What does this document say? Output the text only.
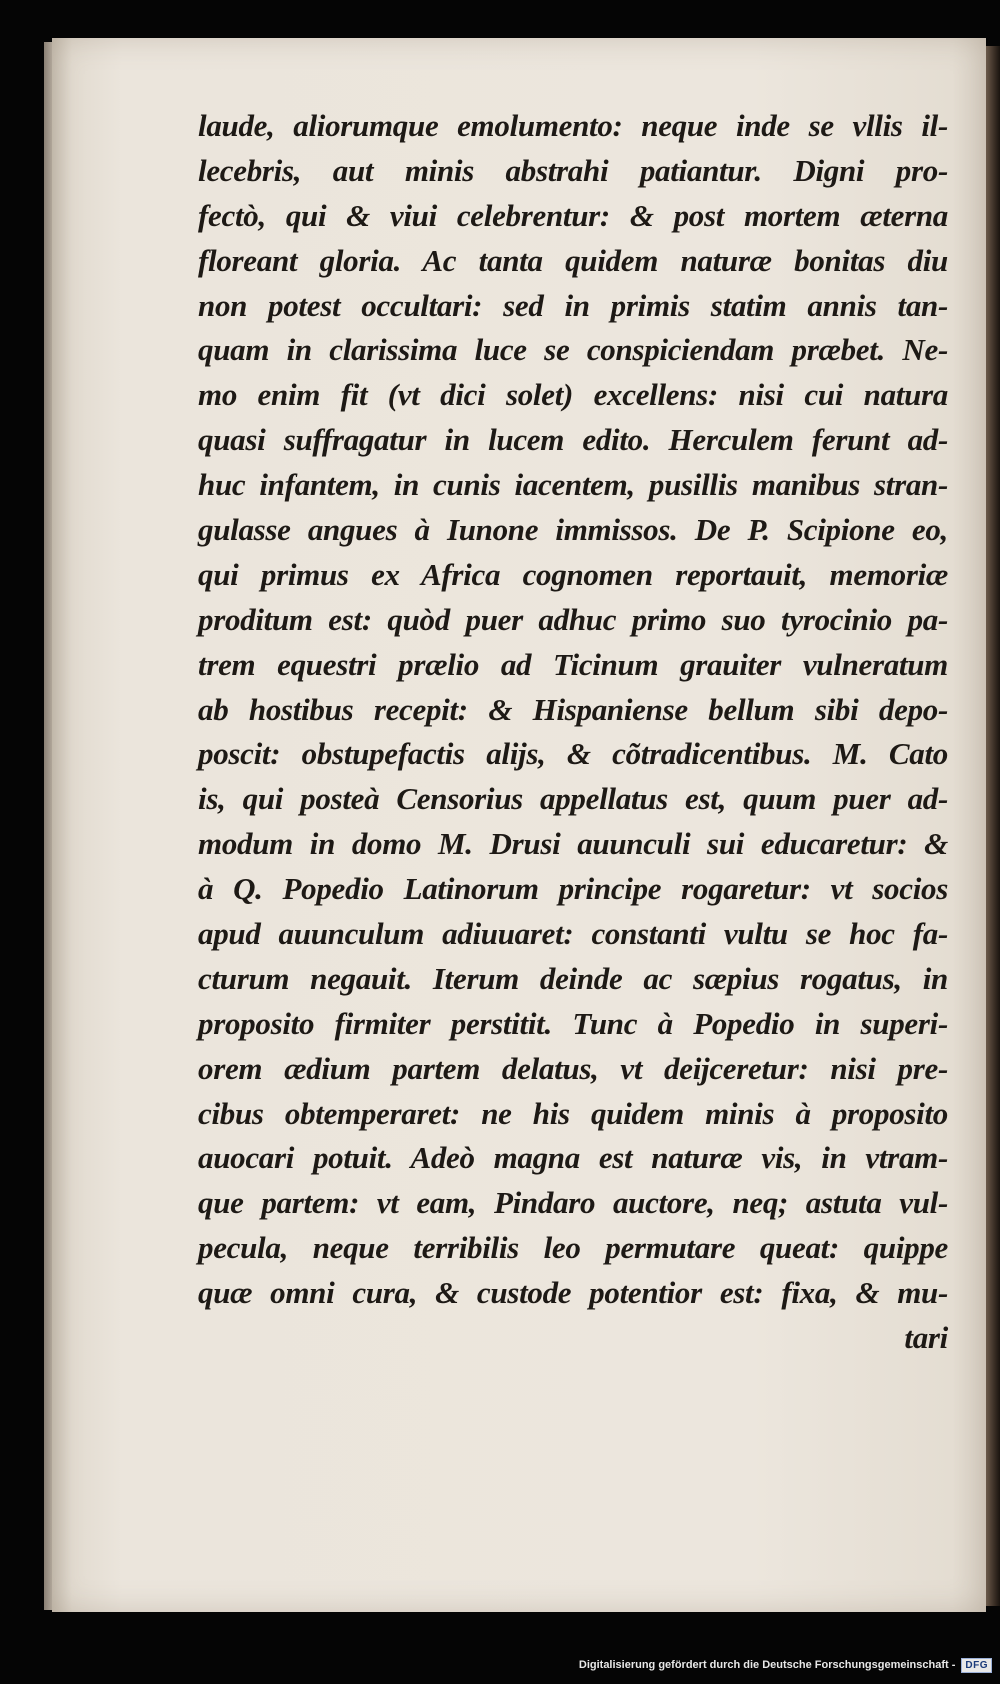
laude, aliorumque emolumento: neque inde se vllis il-
lecebris, aut minis abstrahi patiantur. Digni pro-
fectò, qui & viui celebrentur: & post mortem æterna
floreant gloria. Ac tanta quidem naturæ bonitas diu
non potest occultari: sed in primis statim annis tan-
quam in clarissima luce se conspiciendam præbet. Ne-
mo enim fit (vt dici solet) excellens: nisi cui natura
quasi suffragatur in lucem edito. Herculem ferunt ad-
huc infantem, in cunis iacentem, pusillis manibus stran-
gulasse angues à Iunone immissos. De P. Scipione eo,
qui primus ex Africa cognomen reportauit, memoriæ
proditum est: quòd puer adhuc primo suo tyrocinio pa-
trem equestri prælio ad Ticinum grauiter vulneratum
ab hostibus recepit: & Hispaniense bellum sibi depo-
poscit: obstupefactis alijs, & cõtradicentibus. M. Cato
is, qui posteà Censorius appellatus est, quum puer ad-
modum in domo M. Drusi auunculi sui educaretur: &
à Q. Popedio Latinorum principe rogaretur: vt socios
apud auunculum adiuuaret: constanti vultu se hoc fa-
cturum negauit. Iterum deinde ac sæpius rogatus, in
proposito firmiter perstitit. Tunc à Popedio in superi-
orem ædium partem delatus, vt deijceretur: nisi pre-
cibus obtemperaret: ne his quidem minis à proposito
auocari potuit. Adeò magna est naturæ vis, in vtram-
que partem: vt eam, Pindaro auctore, neq; astuta vul-
pecula, neque terribilis leo permutare queat: quippe
quæ omni cura, & custode potentior est: fixa, & mu-
tari
Digitalisierung gefördert durch die Deutsche Forschungsgemeinschaft -	DFG
